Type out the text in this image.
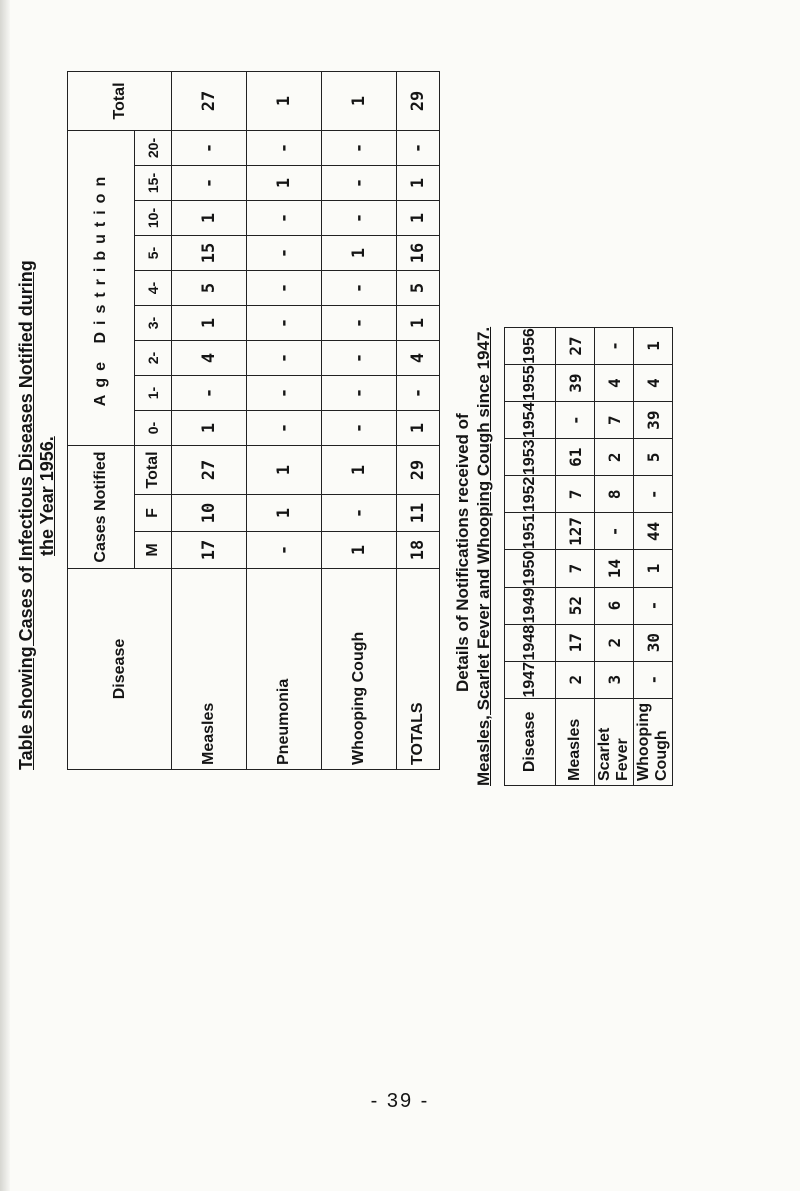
Table showing Cases of Infectious Diseases Notified during the Year 1956.
Disease	Cases Notified			Age Distribution									Total
	M	F	Total	0-	1-	2-	3-	4-	5-	10-	15-	20-	
Measles	17	10	27	1	-	4	1	5	15	1	-	-	27
Pneumonia	-	1	1	-	-	-	-	-	-	-	1	-	1
Whooping Cough	1	-	1	-	-	-	-	-	1	-	-	-	1
TOTALS	18	11	29	1	-	4	1	5	16	1	1	-	29
Details of Notifications received of Measles, Scarlet Fever and Whooping Cough since 1947. Disease	1947	1948	1949	1950	1951	1952	1953	1954	1955	1956
Measles	2	17	52	7	127	7	61	-	39	27
Scarlet Fever	3	2	6	14	-	8	2	7	4	-
Whooping Cough	-	30	-	1	44	-	5	39	4	1
- 39 -
